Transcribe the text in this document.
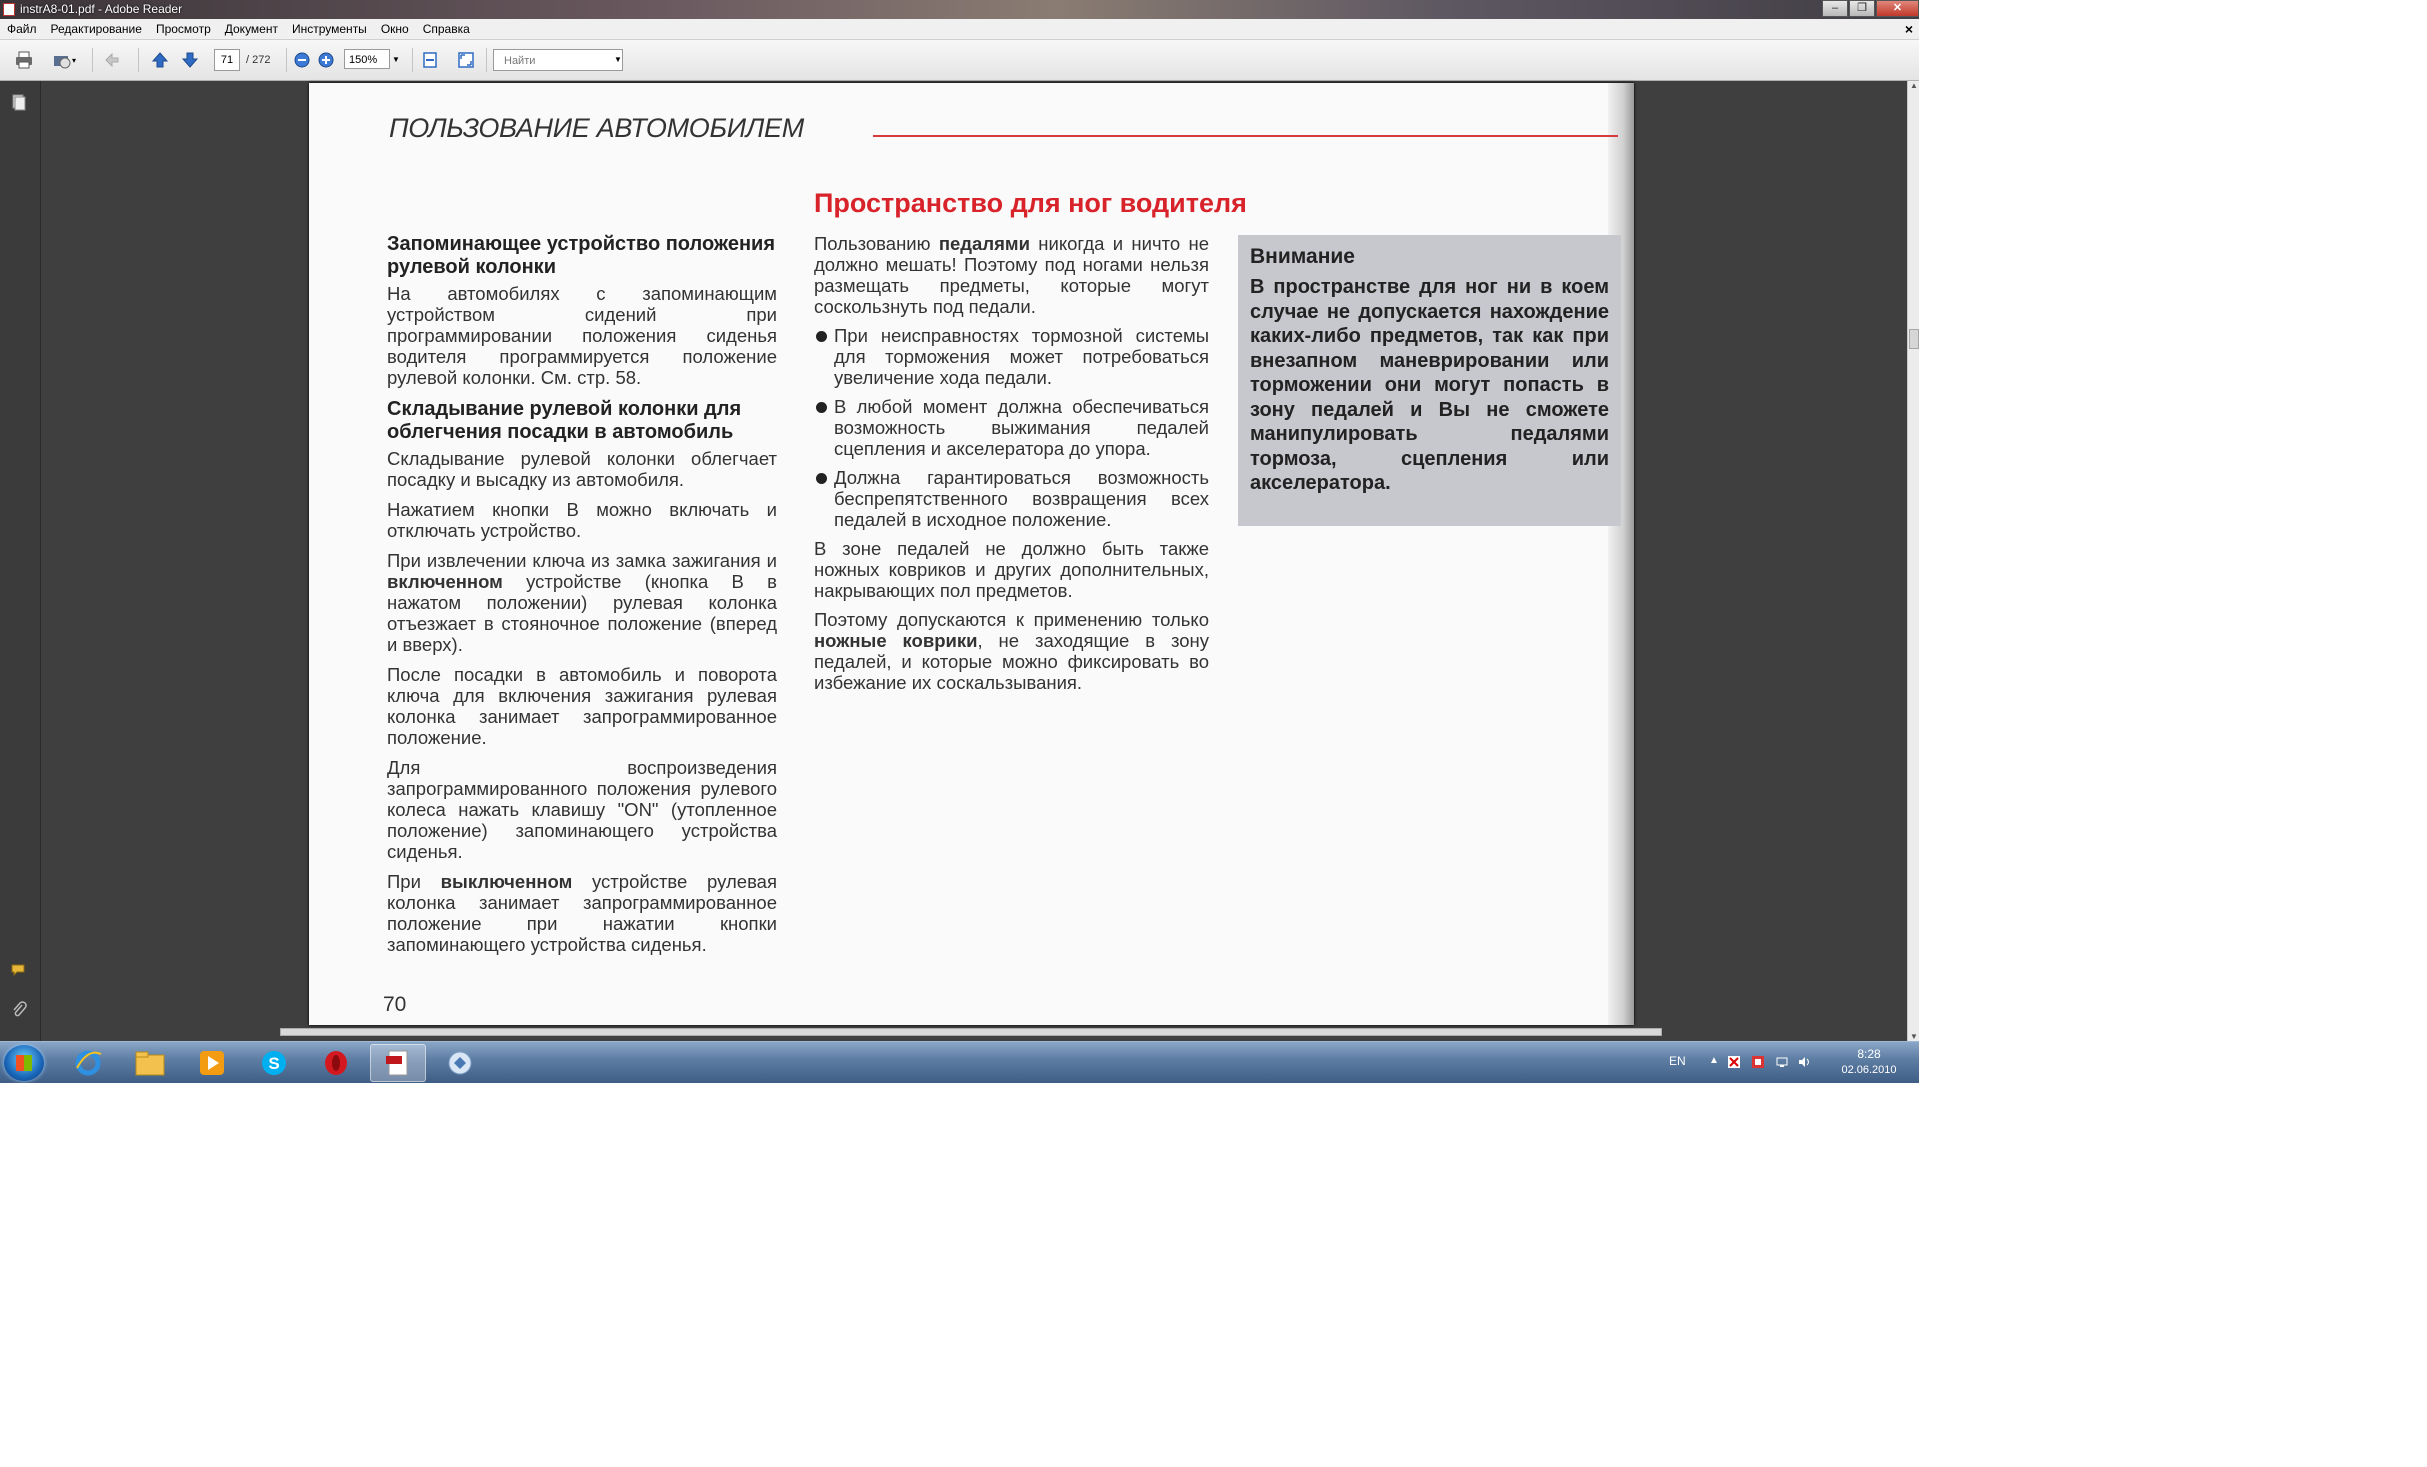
instrA8-01.pdf - Adobe Reader	–	❐	✕
Файл	Редактирование	Просмотр	Документ	Инструменты	Окно	Справка	×
▾	71	/ 272	150%	▼	Найти	▼
ПОЛЬЗОВАНИЕ АВТОМОБИЛЕМ
Пространство для ног водителя
Запоминающее устройство положения рулевой колонки

На автомобилях с запоминающим устройством сидений при программировании положения сиденья водителя программируется положение рулевой колонки. См. стр. 58.

Складывание рулевой колонки для облегчения посадки в автомобиль

Складывание рулевой колонки облегчает посадку и высадку из автомобиля.

Нажатием кнопки B можно включать и отключать устройство.

При извлечении ключа из замка зажигания и включенном устройстве (кнопка B в нажатом положении) рулевая колонка отъезжает в стояночное положение (вперед и вверх).

После посадки в автомобиль и поворота ключа для включения зажигания рулевая колонка занимает запрограммированное положение.

Для воспроизведения запрограммированного положения рулевого колеса нажать клавишу "ON" (утопленное положение) запоминающего устройства сиденья.

При выключенном устройстве рулевая колонка занимает запрограммированное положение при нажатии кнопки запоминающего устройства сиденья.

Пользованию педалями никогда и ничто не должно мешать! Поэтому под ногами нельзя размещать предметы, которые могут соскользнуть под педали.

При неисправностях тормозной системы для торможения может потребоваться увеличение хода педали.

В любой момент должна обеспечиваться возможность выжимания педалей сцепления и акселератора до упора.

Должна гарантироваться возможность беспрепятственного возвращения всех педалей в исходное положение.

В зоне педалей не должно быть также ножных ковриков и других дополнительных, накрывающих пол предметов.

Поэтому допускаются к применению только ножные коврики, не заходящие в зону педалей, и которые можно фиксировать во избежание их соскальзывания.

Внимание
В пространстве для ног ни в коем случае не допускается нахождение каких-либо предметов, так как при внезапном маневрировании или торможении они могут попасть в зону педалей и Вы не сможете манипулировать педалями тормоза, сцепления или акселератора.
70
▲
▼
S	EN ▲	8:28
02.06.2010
